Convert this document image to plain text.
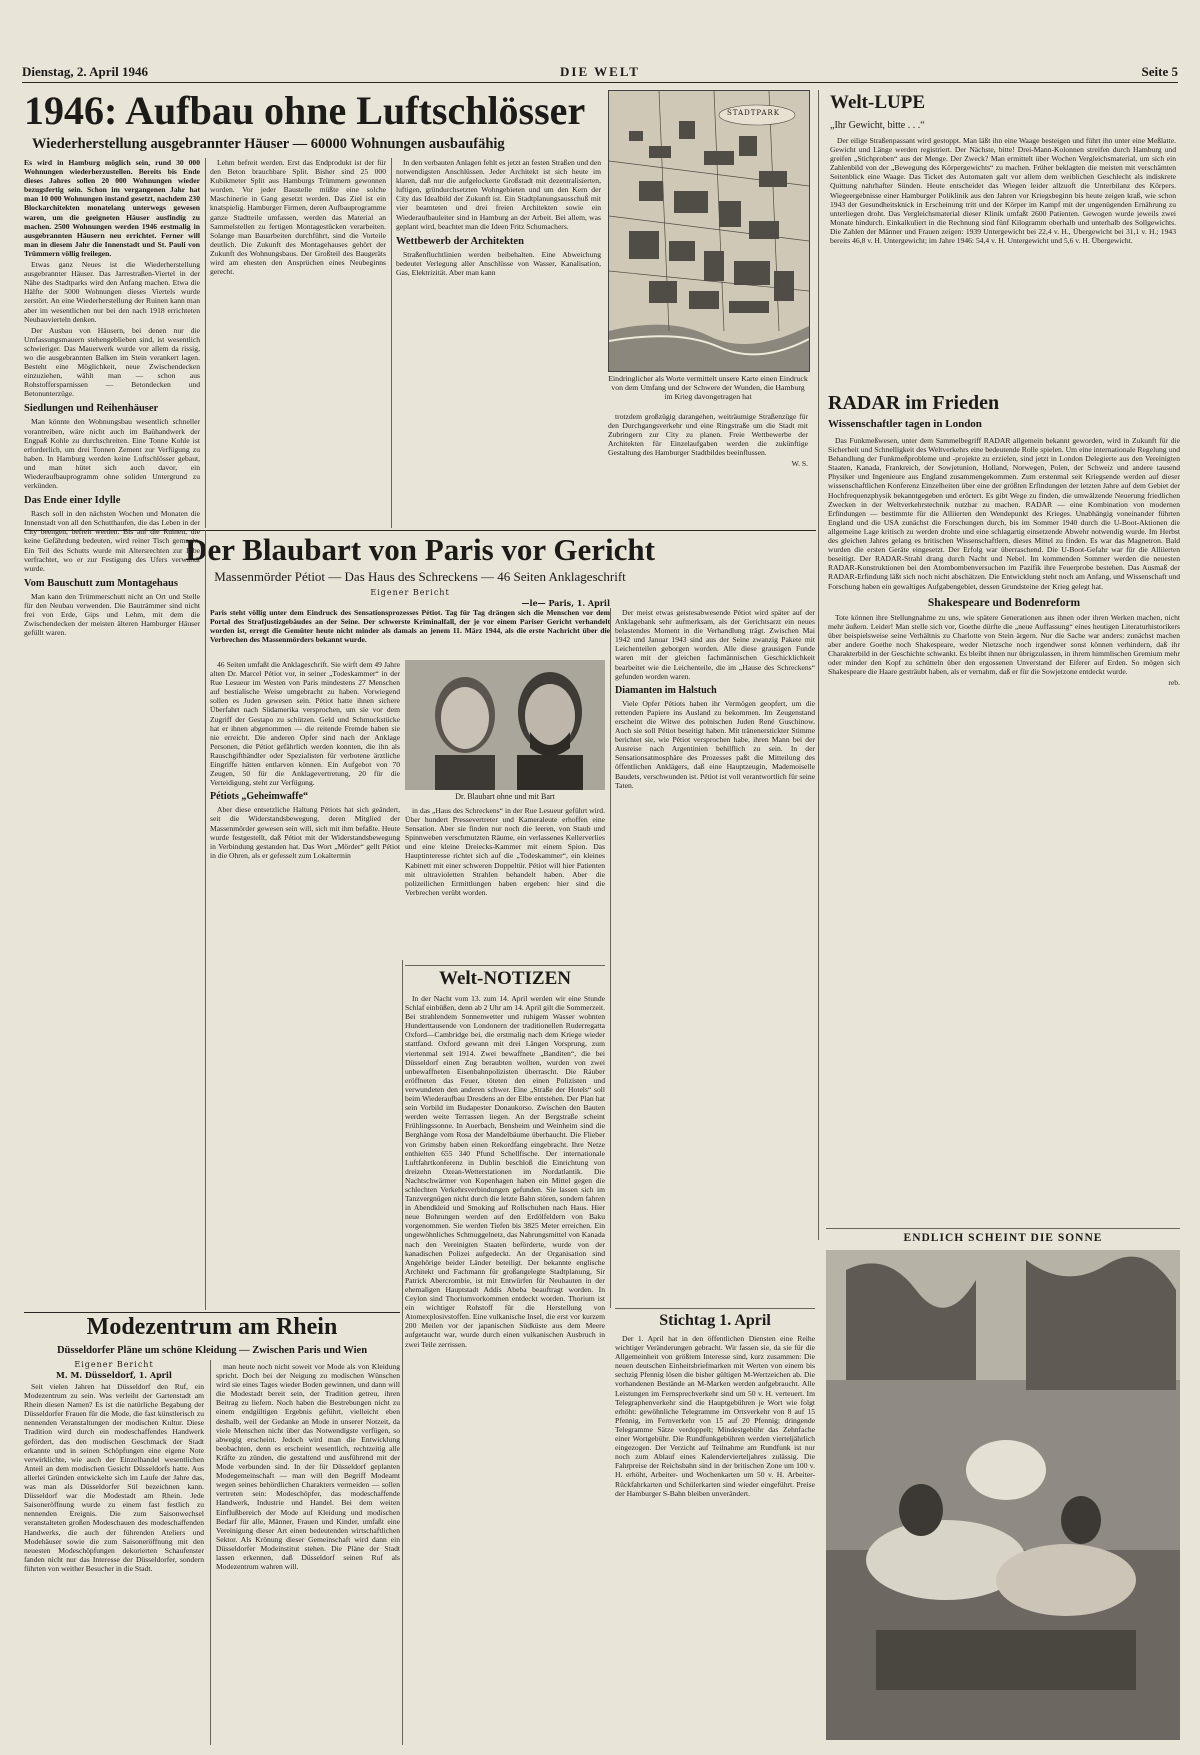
Dienstag, 2. April 1946	DIE WELT	Seite 5
1946: Aufbau ohne Luftschlösser
Wiederherstellung ausgebrannter Häuser — 60000 Wohnungen ausbaufähig

Es wird in Hamburg möglich sein, rund 30 000 Wohnungen wiederherzustellen. Bereits bis Ende dieses Jahres sollen 20 000 Wohnungen wieder bezugsfertig sein. Schon im vergangenen Jahr hat man 10 000 Wohnungen instand gesetzt, nachdem 230 Blockarchitekten monatelang unterwegs gewesen waren, um die geeigneten Häuser ausfindig zu machen. 2500 Wohnungen werden 1946 erstmalig in ausgebrannten Häusern neu errichtet. Ferner will man in diesem Jahr die Innenstadt und St. Pauli von Trümmern völlig freilegen.

Etwas ganz Neues ist die Wiederherstellung ausgebrannter Häuser. Das Jarrestraßen-Viertel in der Nähe des Stadtparks wird den Anfang machen. Etwa die Hälfte der 5000 Wohnungen dieses Viertels wurde zerstört. An eine Wiederherstellung der Ruinen kann man aber im wesentlichen nur bei den nach 1918 errichteten Neubauvierteln denken.

Der Ausbau von Häusern, bei denen nur die Umfassungsmauern stehengeblieben sind, ist wesentlich schwieriger. Das Mauerwerk wurde vor allem da rissig, wo die ausgebrannten Balken im Stein verankert lagen. Besteht eine Möglichkeit, neue Zwischendecken einzuziehen, wählt man — schon aus Rohstoffersparnissen — Betondecken und Betonunterzüge.

Siedlungen und Reihenhäuser

Man könnte den Wohnungsbau wesentlich schneller vorantreiben, wäre nicht auch im Baühandwerk der Engpaß Kohle zu durchschreiten. Eine Tonne Kohle ist erforderlich, um drei Tonnen Zement zur Verfügung zu haben. In Hamburg werden keine Luftschlösser gebaut, und man hütet sich auch davor, ein Wiederaufbauprogramm ohne soliden Untergrund zu verkünden.

Das Ende einer Idylle

Rasch soll in den nächsten Wochen und Monaten die Innenstadt von all den Schutthaufen, die das Leben in der City beengen, befreit werden. Bis auf die Ruinen, die keine Gefährdung bedeuten, wird reiner Tisch gemacht. Ein Teil des Schutts wurde mit Altersrechten zur Elbe verfrachtet, wo er zur Festigung des Ufers verwandt wurde.

Vom Bauschutt zum Montagehaus

Man kann den Trümmerschutt nicht an Ort und Stelle für den Neubau verwenden. Die Bauträmmer sind nicht frei von Erde, Gips und Lehm, mit dem die Zwischendecken der meisten älteren Hamburger Häuser gefüllt waren.

Lehm befreit werden. Erst das Endprodukt ist der für den Beton brauchbare Split. Bisher sind 25 000 Kubikmeter Split aus Hamburgs Trümmern gewonnen worden. Vor jeder Baustelle müßte eine solche Maschinerie in Gang gesetzt werden. Das Ziel ist ein knatspielig. Hamburger Firmen, deren Aufbauprogramme ganze Stadtteile umfassen, werden das Material an Sammelstellen zu fertigen Montagestücken verarbeiten. Solange man Bauarbeiten durchführt, sind die Vorteile deutlich. Die Zukunft des Montagehauses gehört der Zukunft des Wohnungsbaus. Der Großteil des Baugeräts wird am ehesten den Ansprüchen eines Neubeginns gerecht.

In den verbauten Anlagen fehlt es jetzt an festen Straßen und den notwendigsten Anschlüssen. Jeder Architekt ist sich heute im klaren, daß nur die aufgelockerte Großstadt mit dezentralisierten, luftigen, gründurchsetzten Wohngebieten und um den Kern der City das Idealbild der Zukunft ist. Ein Stadtplanungsausschuß mit vier beamteten und drei freien Architekten sowie ein Wiederaufbauleiter sind in Hamburg an der Arbeit. Bei allem, was geplant wird, beachtet man die Ideen Fritz Schumachers.

Wettbewerb der Architekten

Straßenfluchtlinien werden beibehalten. Eine Abweichung bedeutet Verlegung aller Anschlüsse von Wasser, Kanalisation, Gas, Elektrizität. Aber man kann

STADTPARK
Eindringlicher als Worte vermittelt unsere Karte einen Eindruck von dem Umfang und der Schwere der Wunden, die Hamburg im Krieg davongetragen hat

trotzdem großzügig darangehen, weiträumige Straßenzüge für den Durchgangsverkehr und eine Ringstraße um die Stadt mit Zubringern zur City zu planen. Freie Wettbewerbe der Architekten für Einzelaufgaben werden die zukünftige Gestaltung des Hamburger Stadtbildes beeinflussen.

W. S.
Welt-LUPE
„Ihr Gewicht, bitte . . .“

Der eilige Straßenpassant wird gestoppt. Man läßt ihn eine Waage besteigen und führt ihn unter eine Meßlatte. Gewicht und Länge werden registriert. Der Nächste, bitte! Drei-Mann-Kolonnen streifen durch Hamburg und greifen „Stichproben“ aus der Menge. Der Zweck? Man ermittelt über Wochen Vergleichsmaterial, um sich ein Zahlenbild von der „Bewegung des Körpergewichts“ zu machen. Früher beklagten die meisten mit verschämten Seitenblick eine Waage. Das Ticket des Automaten galt vor allem dem weiblichen Geschlecht als indiskrete Quittung nahrhafter Sünden. Heute entscheidet das Wiegen leider allzuoft die Unterbilanz des Körpers. Wiegeergebnisse einer Hamburger Poliklinik aus den Jahren vor Kriegsbeginn bis heute zeigen kraß, wie schon 1943 der Gesundheitsknick in Erscheinung tritt und der Körper im Kampf mit der ungenügenden Ernährung zu unterliegen droht. Das Vergleichsmaterial dieser Klinik umfaßt 2600 Patienten. Gewogen wurde jeweils zwei Monate hindurch. Einkalkuliert in die Rechnung sind fünf Kilogramm oberhalb und unterhalb des Sollgewichts. Die Zahlen der Männer und Frauen zeigen: 1939 Untergewicht bei 22,4 v. H., Übergewicht bei 31,1 v. H.; 1943 bereits 46,8 v. H. Untergewicht; im Jahre 1946: 54,4 v. H. Untergewicht und 5,6 v. H. Übergewicht.

RADAR im Frieden
Wissenschaftler tagen in London
Der Blaubart von Paris vor Gericht
Massenmörder Pétiot — Das Haus des Schreckens — 46 Seiten Anklageschrift
Eigener Bericht
—le— Paris, 1. April

Paris steht völlig unter dem Eindruck des Sensationsprozesses Pétiot. Tag für Tag drängen sich die Menschen vor dem Portal des Strafjustizgebäudes an der Seine. Der schwerste Kriminalfall, der je vor einem Pariser Gericht verhandelt worden ist, erregt die Gemüter heute nicht minder als damals an jenem 11. März 1944, als die erste Nachricht über die Verbrechen des Massenmörders bekannt wurde.

46 Seiten umfaßt die Anklageschrift. Sie wirft dem 49 Jahre alten Dr. Marcel Pétiot vor, in seiner „Todeskammer“ in der Rue Lesueur im Westen von Paris mindestens 27 Menschen auf bestialische Weise umgebracht zu haben. Vorwiegend sollen es Juden gewesen sein. Pétiot hatte ihnen sichere Überfahrt nach Südamerika versprochen, um sie vor dem Zugriff der Gestapo zu schützen. Geld und Schmuckstücke hat er ihnen abgenommen — die reitende Fremde haben sie nie erreicht. Die anderen Opfer sind nach der Anklage Personen, die Pétiot gefährlich werden konnten, die ihn als Rauschgifthändler oder Spezialisten für verbotene ärztliche Eingriffe hätten entlarven können. Ein Aufgebot von 70 Zeugen, 50 für die Anklagevertretung, 20 für die Verteidigung, steht zur Verfügung.

Pétiots „Geheimwaffe“

Aber diese entsetzliche Haltung Pétiots hat sich geändert, seit die Widerstandsbewegung, deren Mitglied der Massenmörder gewesen sein will, sich mit ihm befaßte. Heute wurde festgestellt, daß Pétiot mit der Widerstandsbewegung in Verbindung gestanden hat. Das Wort „Mörder“ gellt Pétiot in die Ohren, als er gefesselt zum Lokaltermin

Dr. Blaubart ohne und mit Bart

in das „Haus des Schreckens“ in der Rue Lesueur geführt wird. Über hundert Pressevertreter und Kameraleute erhoffen eine Sensation. Aber sie finden nur noch die leeren, von Staub und Spinnweben verschmutzten Räume, ein verlassenes Kellerverlies und eine kleine Dreiecks-Kammer mit einem Spion. Das Hauptinteresse richtet sich auf die „Todeskammer“, ein kleines Kabinett mit einer schweren Doppeltür. Pétiot will hier Patienten mit ultravioletten Strahlen behandelt haben. Aber die polizeilichen Ermittlungen haben ergeben: hier sind die Verbrechen verübt worden.

Der meist etwas geistesabwesende Pétiot wird später auf der Anklagebank sehr aufmerksam, als der Gerichtsarzt ein neues belastendes Moment in die Verhandlung trägt. Zwischen Mai 1942 und Januar 1943 sind aus der Seine zwanzig Pakete mit Leichenteilen geborgen worden. Alle diese grausigen Funde waren mit der gleichen fachmännischen Geschicklichkeit bearbeitet wie die Leichenteile, die im „Hause des Schreckens“ gefunden worden waren.

Diamanten im Halstuch

Viele Opfer Pétiots haben ihr Vermögen geopfert, um die rettenden Papiere ins Ausland zu bekommen. Im Zeugenstand erscheint die Witwe des polnischen Juden René Guschinow. Auch sie soll Pétiot beseitigt haben. Mit tränenerstickter Stimme berichtet sie, wie Pétiot versprochen habe, ihren Mann bei der Ausreise nach Argentinien behilflich zu sein. In der Sensationsatmosphäre des Prozesses paßt die Mitteilung des öffentlichen Anklägers, daß eine Hauptzeugin, Mademoiselle Baudets, verschwunden ist. Pétiot ist voll verantwortlich für seine Taten.

Welt-NOTIZEN

In der Nacht vom 13. zum 14. April werden wir eine Stunde Schlaf einbüßen, denn ab 2 Uhr am 14. April gilt die Sommerzeit. Bei strahlendem Sonnenwetter und ruhigem Wasser wohnten Hunderttausende von Londonern der traditionellen Ruderregatta Oxford—Cambridge bei, die erstmalig nach dem Kriege wieder stattfand. Oxford gewann mit drei Längen Vorsprung, zum viertenmal seit 1914. Zwei bewaffnete „Banditen“, die bei Düsseldorf einen Zug beraubten wollten, wurden von zwei unbewaffneten Eisenbahnpolizisten überrascht. Die Räuber eröffneten das Feuer, töteten den einen Polizisten und verwundeten den anderen schwer. Eine „Straße der Hotels“ soll beim Wiederaufbau Dresdens an der Elbe entstehen. Der Plan hat sein Vorbild im Budapester Donaukorso. Zwischen den Bauten werden weite Terrassen liegen. An der Bergstraße scheint Frühlingssonne. In Auerbach, Bensheim und Weinheim sind die Berghänge vom Rosa der Mandelbäume überhaucht. Die Flieber von Grimsby haben einen Rekordfang eingebracht. Ihre Netze enthielten 655 340 Pfund Schellfische. Der internationale Luftfahrtkonferenz in Dublin beschloß die Einrichtung von dreizehn Ozean-Wetterstationen im Nordatlantik. Die Nachtschwärmer von Kopenhagen haben ein Mittel gegen die schlechten Verkehrsverbindungen gefunden. Sie lassen sich im Tanzvergnügen nicht durch die letzte Bahn stören, sondern fahren in Abendkleid und Smoking auf Rollschuhen nach Haus. Hier neue Bohrungen werden auf den Erdölfeldern von Baku vorgenommen. Sie werden Tiefen bis 3825 Meter erreichen. Ein ungewöhnliches Schmuggelnetz, das Nahrungsmittel von Kanada nach den Vereinigten Staaten beförderte, wurde von der kanadischen Polizei aufgedeckt. An der Organisation sind Angehörige beider Länder beteiligt. Der bekannte englische Architekt und Fachmann für großangelegte Stadtplanung, Sir Patrick Abercrombie, ist mit Entwürfen für Neubauten in der ehemaligen Hauptstadt Addis Abeba beauftragt worden. In Ceylon sind Thoriumvorkommen entdeckt worden. Thorium ist ein wichtiger Rohstoff für die Herstellung von Atomexplosivstoffen. Eine vulkanische Insel, die erst vor kurzem 200 Meilen vor der japanischen Südküste aus dem Meere aufgetaucht war, wurde durch einen vulkanischen Ausbruch in zwei Teile zerrissen.

Stichtag 1. April

Der 1. April hat in den öffentlichen Diensten eine Reihe wichtiger Veränderungen gebracht. Wir fassen sie, da sie für die Allgemeinheit von größtem Interesse sind, kurz zusammen: Die neuen deutschen Einheitsbriefmarken mit Werten von einem bis sechzig Pfennig lösen die bisher gültigen M-Wertzeichen ab. Die vorhandenen Bestände an M-Marken werden aufgebraucht. Alle Leistungen im Fernsprechverkehr sind um 50 v. H. verteuert. Im Telegraphenverkehr sind die Hauptgebühren je Wort wie folgt erhöht: gewöhnliche Telegramme im Ortsverkehr von 8 auf 15 Pfennig, im Fernverkehr von 15 auf 20 Pfennig; dringende Telegramme Sätze verdoppelt; Mindestgebühr das Zehnfache einer Wortgebühr. Die Rundfunkgebühren werden vierteljährlich eingezogen. Der Verzicht auf Teilnahme am Rundfunk ist nur noch zum Ablauf eines Kalendervierteljahres zulässig. Die Fahrpreise der Reichsbahn sind in der britischen Zone um 100 v. H. erhöht, Arbeiter- und Wochenkarten um 50 v. H. Arbeiter-Rückfahrkarten und Schülerkarten sind wieder eingeführt. Preise der Hamburger S-Bahn bleiben unverändert.

Das Funkmeßwesen, unter dem Sammelbegriff RADAR allgemein bekannt geworden, wird in Zukunft für die Sicherheit und Schnelligkeit des Weltverkehrs eine bedeutende Rolle spielen. Um eine internationale Regelung und Behandlung der Funkmeßprobleme und -projekte zu erzielen, sind jetzt in London Delegierte aus den Vereinigten Staaten, Kanada, Frankreich, der Sowjetunion, Holland, Norwegen, Polen, der Schweiz und andere tausend Physiker und Ingenieure aus England zusammengekommen. Zum erstenmal seit Kriegsende werden auf dieser wissenschaftlichen Konferenz Einzelheiten über eine der größten Erfindungen der letzten Jahre auf dem Gebiet der Hochfrequenzphysik bekanntgegeben und erörtert. Es gibt Wege zu finden, die umwälzende Neuerung friedlichen Zwecken in der Weltverkehrstechnik nutzbar zu machen. RADAR — eine Kombination von modernen Erfindungen — bestimmte für die Alliierten den Wendepunkt des Krieges. Unabhängig voneinander führten England und die USA zunächst die Forschungen durch, bis im Sommer 1940 durch die U-Boot-Aktionen die allgemeine Lage kritisch zu werden drohte und eine schlagartig einsetzende Abwehr notwendig wurde. Im Herbst des gleichen Jahres gelang es britischen Wissenschaftlern, dieses Mittel zu finden. Es war das Magnetron. Bald wurden die ersten Geräte eingesetzt. Der Erfolg war überraschend. Die U-Boot-Gefahr war für die Alliierten beseitigt. Der RADAR-Strahl drang durch Nacht und Nebel. Im kommenden Sommer werden die neuesten RADAR-Konstruktionen bei den Atombombenversuchen im Pazifik ihre Feuerprobe bestehen. Das Ausmaß der RADAR-Erfindung läßt sich noch nicht abschätzen. Die Entwicklung steht noch am Anfang, und Wissenschaft und Forschung haben ein gewaltiges Aufgabengebiet, dessen Grundsteine der Krieg gelegt hat.

Shakespeare und Bodenreform

Tote können ihre Stellungnahme zu uns, wie spätere Generationen aus ihnen oder ihren Werken machen, nicht mehr äußern. Leider! Man stelle sich vor, Goethe dürfte die „neue Auffassung“ eines heutigen Literaturhistorikers über beispielsweise seine Verhältnis zu Charlotte von Stein ärgern. Nur die Sache war anders: zunächst machen aber andere Goethe noch Shakespeare, weder Nietzsche noch irgendwer sonst können verhindern, daß ihr Charakterbild in der Geschichte schwankt. Es bleibt ihnen nur übrigzulassen, in ihrem himmlischen Gremium mehr oder minder den Kopf zu schütteln über den ergossenen Unverstand der Eiferer auf Erden. So mögen sich Shakespeare die Haare gesträubt haben, als er vernahm, daß er für die Sowjetzone entdeckt wurde.

reb.
Modezentrum am Rhein
Düsseldorfer Pläne um schöne Kleidung — Zwischen Paris und Wien
Eigener Bericht
M. M. Düsseldorf, 1. April

Seit vielen Jahren hat Düsseldorf den Ruf, ein Modezentrum zu sein. Was verleiht der Gartenstadt am Rhein diesen Namen? Es ist die natürliche Begabung der Düsseldorfer Frauen für die Mode, die fast künstlerisch zu nennenden Veranstaltungen der modischen Kultur. Diese Tradition wird durch ein modeschaffendes Handwerk gefördert, das den modischen Geschmack der Stadt erkannte und in seinen Schöpfungen eine eigene Note verwirklichte, wie auch der Einzelhandel wesentlichen Anteil an dem modischen Gesicht Düsseldorfs hatte. Aus allerlei Gründen entwickelte sich im Laufe der Jahre das, was man als Düsseldorfer Stil bezeichnen kann. Düsseldorf war die Modestadt am Rhein. Jede Saisoneröffnung wurde zu einem fast festlich zu nennenden Ereignis. Die zum Saisonwechsel veranstalteten großen Modeschauen des modeschaffenden Handwerks, die auch der führenden Ateliers und Modehäuser sowie die zum Saisoneröffnung mit den neuesten Modeschöpfungen dekorierten Schaufenster fanden nicht nur das Interesse der Düsseldorfer, sondern führten von weither Besucher in die Stadt.

man heute noch nicht soweit vor Mode als von Kleidung spricht. Doch bei der Neigung zu modischen Wünschen wird sie eines Tages wieder Boden gewinnen, und dann will die Modestadt bereit sein, der Tradition getreu, ihren Beitrag zu liefern. Noch haben die Bestrebungen nicht zu einem endgültigen Ergebnis geführt, vielleicht eben deshalb, weil der Gedanke an Mode in unserer Notzeit, da viele Menschen nicht über das Notwendigste verfügen, so abwegig erscheint. Jedoch wird man die Entwicklung beobachten, denn es erscheint wesentlich, rechtzeitig alle Kräfte zu zünden, die gestaltend und ausführend mit der Mode verbunden sind. In der für Düsseldorf geplanten Modegemeinschaft — man will den Begriff Modeamt wegen seines behördlichen Charakters vermeiden — sollen vertreten sein: Modeschöpfer, das modeschaffende Handwerk, Industrie und Handel. Bei dem weiten Einflußbereich der Mode auf Kleidung und modischen Bedarf für alle, Männer, Frauen und Kinder, umfaßt eine Vereinigung dieser Art einen bedeutenden wirtschaftlichen Sektor. Als Krönung dieser Gemeinschaft wird dann ein Düsseldorfer Modeinstitut stehen. Die Pläne der Stadt lassen erkennen, daß Düsseldorf seinen Ruf als Modezentrum wahren will.

ENDLICH SCHEINT DIE SONNE
